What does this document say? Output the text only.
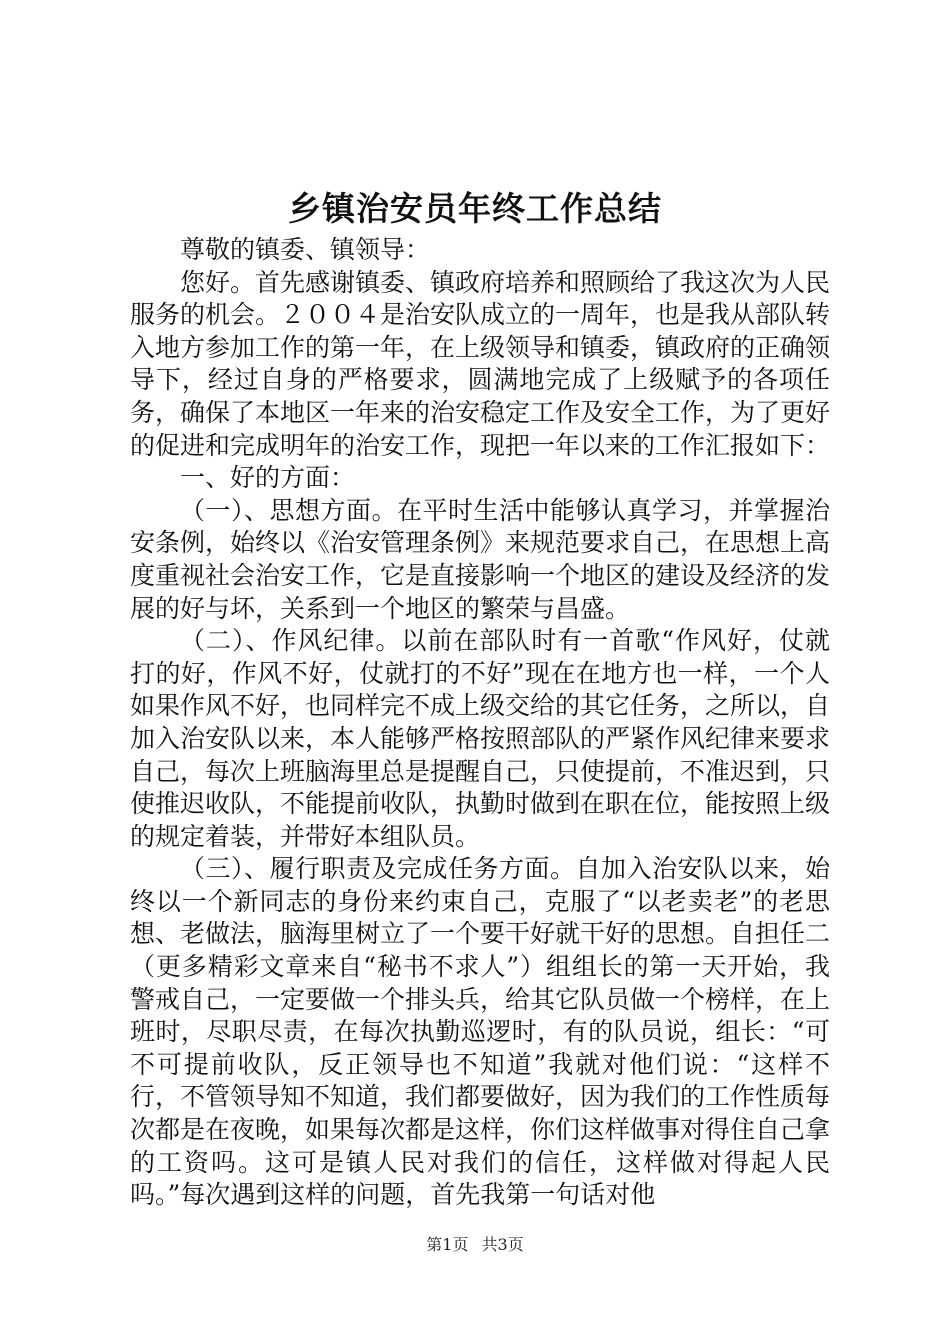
乡镇治安员年终工作总结

尊敬的镇委、镇领导：

您好。首先感谢镇委、镇政府培养和照顾给了我这次为人民服务的机会。２００４是治安队成立的一周年，也是我从部队转入地方参加工作的第一年，在上级领导和镇委，镇政府的正确领导下，经过自身的严格要求，圆满地完成了上级赋予的各项任务，确保了本地区一年来的治安稳定工作及安全工作，为了更好的促进和完成明年的治安工作，现把一年以来的工作汇报如下：

一、好的方面：

（一）、思想方面。在平时生活中能够认真学习，并掌握治安条例，始终以《治安管理条例》来规范要求自己，在思想上高度重视社会治安工作，它是直接影响一个地区的建设及经济的发展的好与坏，关系到一个地区的繁荣与昌盛。

（二）、作风纪律。以前在部队时有一首歌“作风好，仗就打的好，作风不好，仗就打的不好”现在在地方也一样，一个人如果作风不好，也同样完不成上级交给的其它任务，之所以，自加入治安队以来，本人能够严格按照部队的严紧作风纪律来要求自己，每次上班脑海里总是提醒自己，只使提前，不准迟到，只使推迟收队，不能提前收队，执勤时做到在职在位，能按照上级的规定着装，并带好本组队员。

（三）、履行职责及完成任务方面。自加入治安队以来，始终以一个新同志的身份来约束自己，克服了“以老卖老”的老思想、老做法，脑海里树立了一个要干好就干好的思想。自担任二（更多精彩文章来自“秘书不求人”）组组长的第一天开始，我警戒自己，一定要做一个排头兵，给其它队员做一个榜样，在上班时，尽职尽责，在每次执勤巡逻时，有的队员说，组长：“可不可提前收队，反正领导也不知道”我就对他们说：“这样不行，不管领导知不知道，我们都要做好，因为我们的工作性质每次都是在夜晚，如果每次都是这样，你们这样做事对得住自己拿的工资吗。这可是镇人民对我们的信任，这样做对得起人民吗。”每次遇到这样的问题，首先我第一句话对他

第1页 共3页
